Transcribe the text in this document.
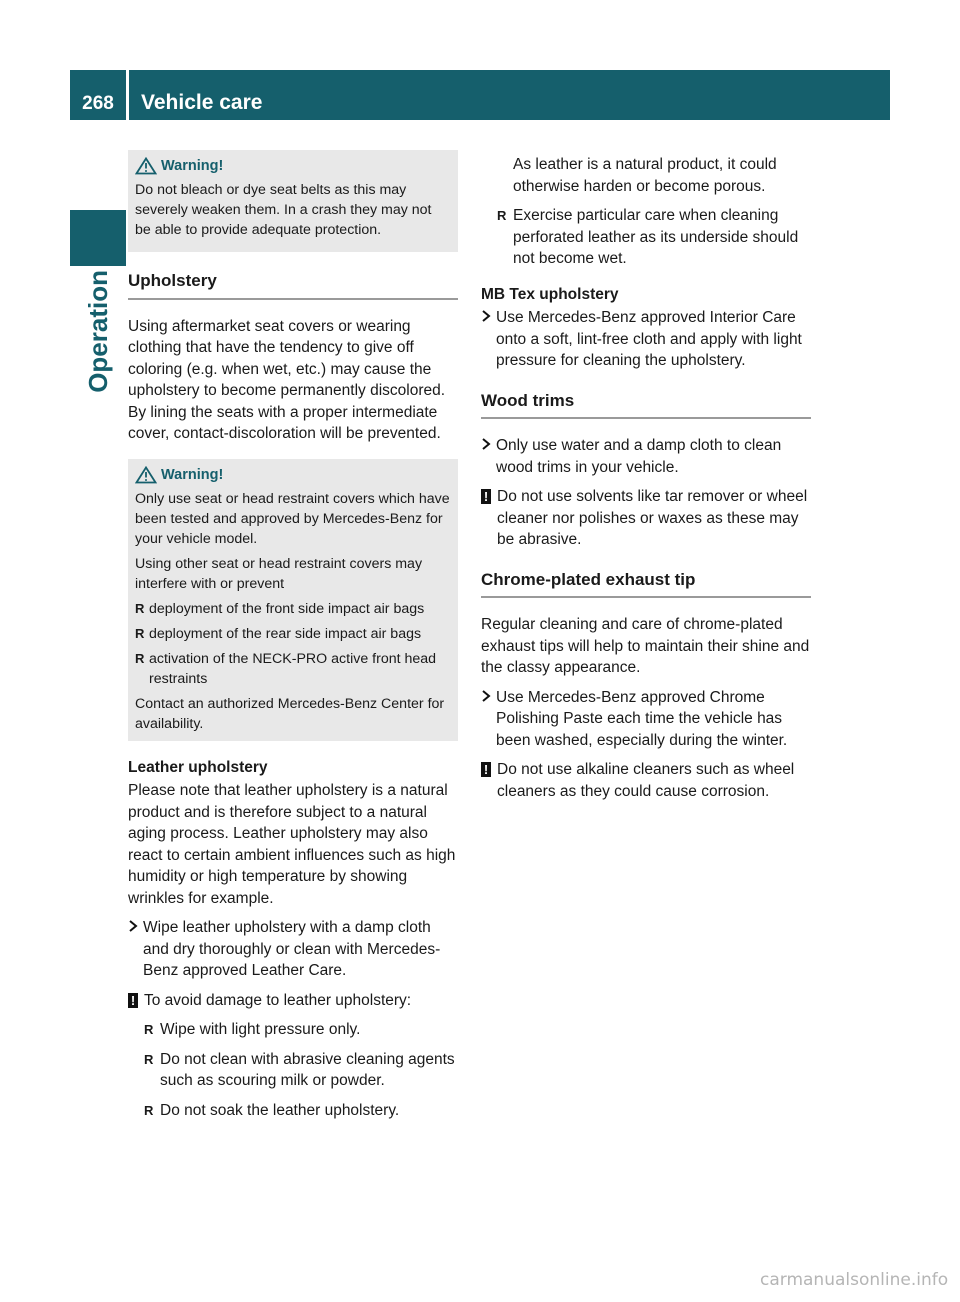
268	Vehicle care
Operation
Warning!

Do not bleach or dye seat belts as this may severely weaken them. In a crash they may not be able to provide adequate protection.

Upholstery

Using aftermarket seat covers or wearing clothing that have the tendency to give off coloring (e.g. when wet, etc.) may cause the upholstery to become permanently discolored. By lining the seats with a proper intermediate cover, contact-discoloration will be prevented.

Warning!

Only use seat or head restraint covers which have been tested and approved by Mercedes-Benz for your vehicle model.

Using other seat or head restraint covers may interfere with or prevent

R deployment of the front side impact air bags
R deployment of the rear side impact air bags
R activation of the NECK-PRO active front head restraints

Contact an authorized Mercedes-Benz Center for availability.

Leather upholstery

Please note that leather upholstery is a natural product and is therefore subject to a natural aging process. Leather upholstery may also react to certain ambient influences such as high humidity or high temperature by showing wrinkles for example.

Wipe leather upholstery with a damp cloth and dry thoroughly or clean with Mercedes-Benz approved Leather Care.
! To avoid damage to leather upholstery:
R Wipe with light pressure only.
R Do not clean with abrasive cleaning agents such as scouring milk or powder.
R Do not soak the leather upholstery.

As leather is a natural product, it could otherwise harden or become porous.

R Exercise particular care when cleaning perforated leather as its underside should not become wet.
MB Tex upholstery
Use Mercedes-Benz approved Interior Care onto a soft, lint-free cloth and apply with light pressure for cleaning the upholstery.
Wood trims
Only use water and a damp cloth to clean wood trims in your vehicle.
! Do not use solvents like tar remover or wheel cleaner nor polishes or waxes as these may be abrasive.
Chrome-plated exhaust tip

Regular cleaning and care of chrome-plated exhaust tips will help to maintain their shine and the classy appearance.

Use Mercedes-Benz approved Chrome Polishing Paste each time the vehicle has been washed, especially during the winter.
! Do not use alkaline cleaners such as wheel cleaners as they could cause corrosion.
carmanualsonline.info
